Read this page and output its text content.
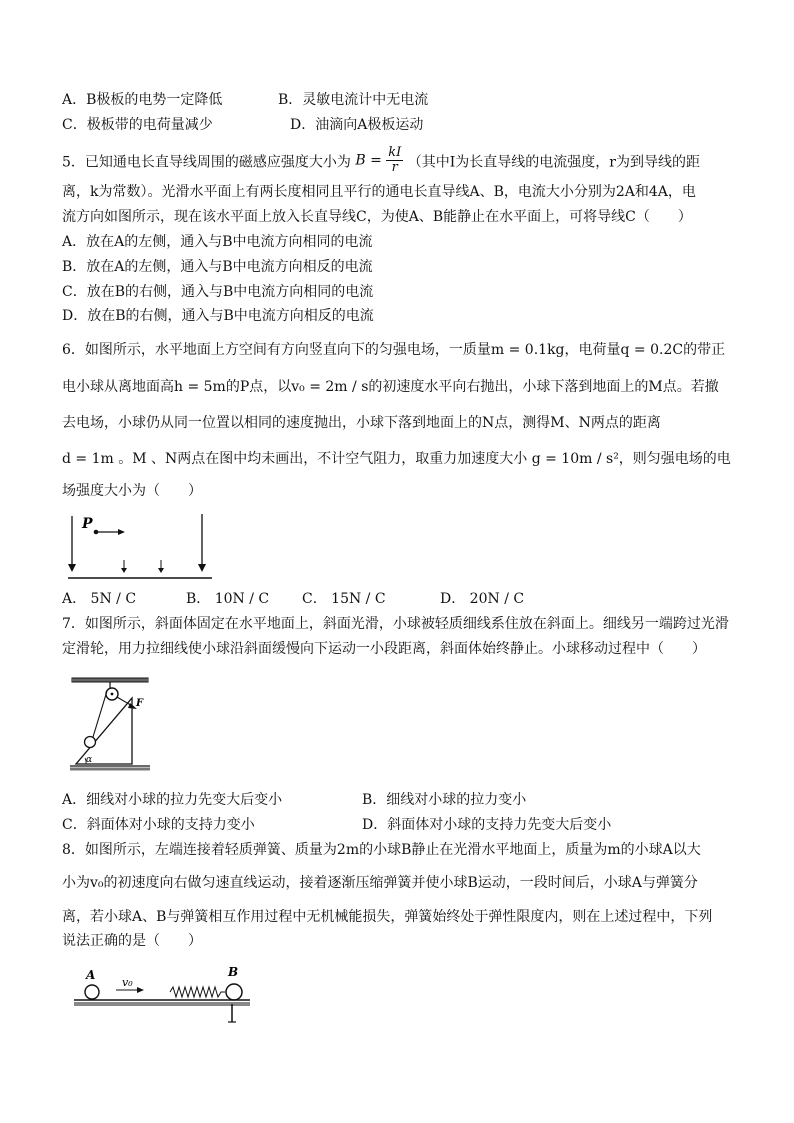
A．B极板的电势一定降低	B．灵敏电流计中无电流
C．极板带的电荷量减少	D．油滴向A极板运动
5．已知通电长直导线周围的磁感应强度大小为 $B = \frac{kI}{r}$ （其中I为长直导线的电流强度，r为到导线的距
离，k为常数）。光滑水平面上有两长度相同且平行的通电长直导线A、B，电流大小分别为2A和4A，电
流方向如图所示，现在该水平面上放入长直导线C，为使A、B能静止在水平面上，可将导线C（　　）
A．放在A的左侧，通入与B中电流方向相同的电流
B．放在A的左侧，通入与B中电流方向相反的电流
C．放在B的右侧，通入与B中电流方向相同的电流
D．放在B的右侧，通入与B中电流方向相反的电流
6．如图所示，水平地面上方空间有方向竖直向下的匀强电场，一质量m = 0.1kg，电荷量q = 0.2C的带正
电小球从离地面高h = 5m的P点，以v₀ = 2m / s的初速度水平向右抛出，小球下落到地面上的M点。若撤
去电场，小球仍从同一位置以相同的速度抛出，小球下落到地面上的N点，测得M、N两点的距离
d = 1m 。M 、N两点在图中均未画出，不计空气阻力，取重力加速度大小 g = 10m / s²，则匀强电场的电
场强度大小为（　　）
P
A． 5N / C	B． 10N / C C． 15N / C	D． 20N / C
7．如图所示，斜面体固定在水平地面上，斜面光滑，小球被轻质细线系住放在斜面上。细线另一端跨过光滑
定滑轮，用力拉细线使小球沿斜面缓慢向下运动一小段距离，斜面体始终静止。小球移动过程中（　　）
F
α
A．细线对小球的拉力先变大后变小	B．细线对小球的拉力变小
C．斜面体对小球的支持力变小	D．斜面体对小球的支持力先变大后变小
8．如图所示，左端连接着轻质弹簧、质量为2m的小球B静止在光滑水平地面上，质量为m的小球A以大
小为v₀的初速度向右做匀速直线运动，接着逐渐压缩弹簧并使小球B运动，一段时间后，小球A与弹簧分
离，若小球A、B与弹簧相互作用过程中无机械能损失，弹簧始终处于弹性限度内，则在上述过程中，下列
说法正确的是（　　）
A
v₀
B
